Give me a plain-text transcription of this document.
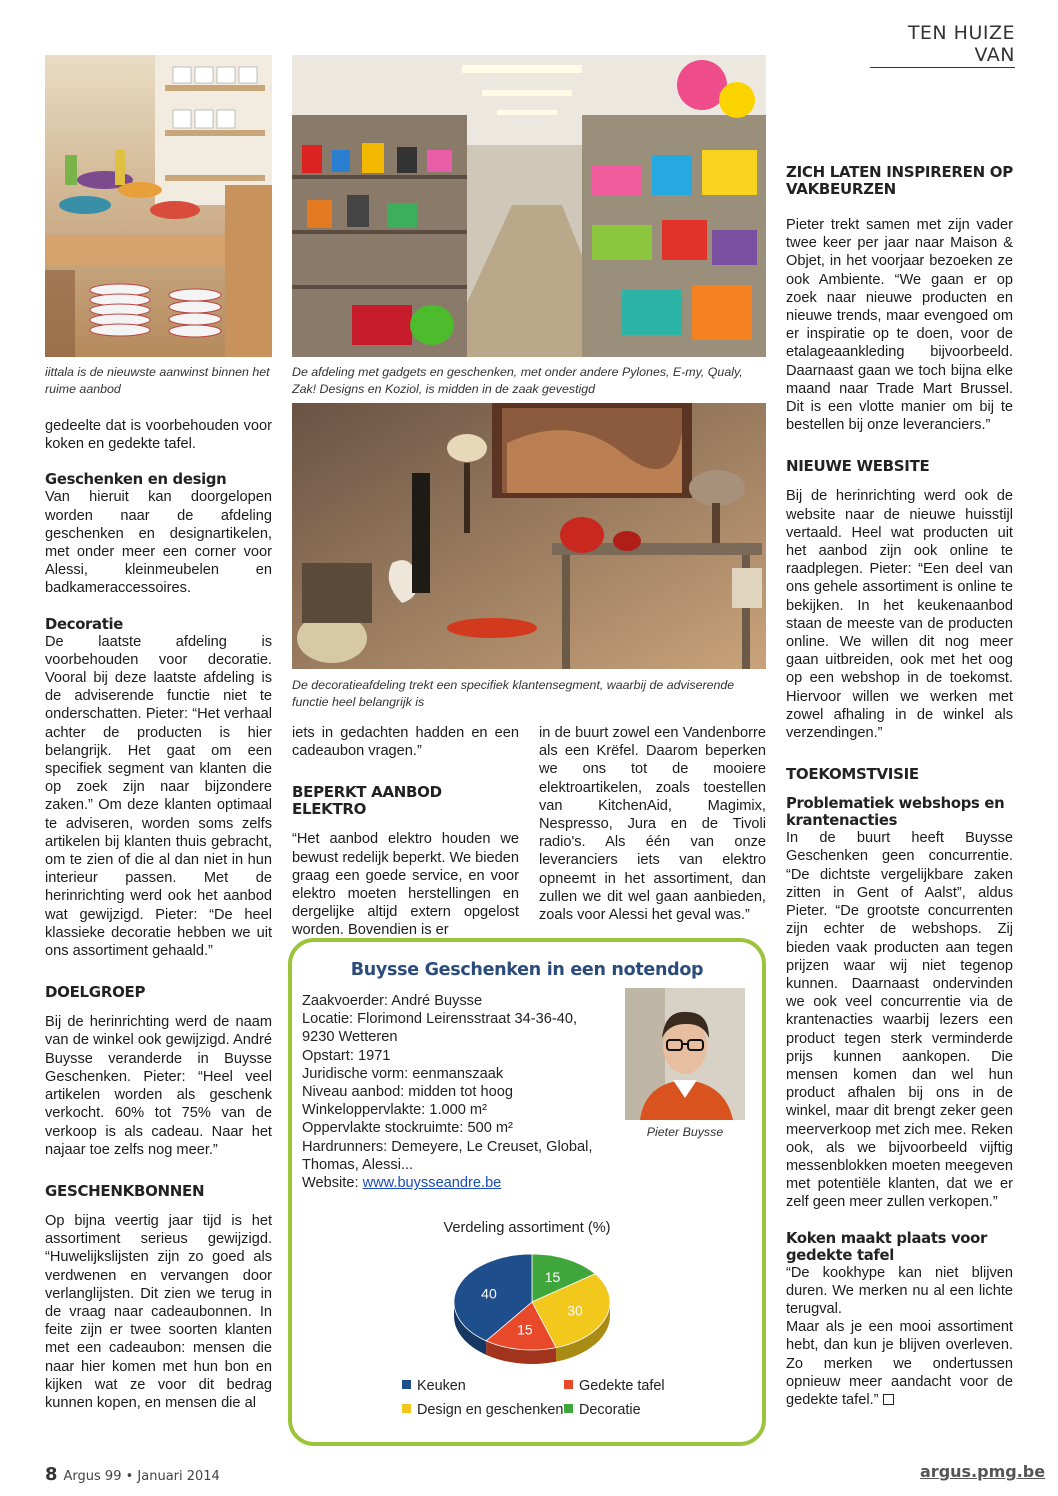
TEN HUIZE VAN
iittala is de nieuwste aanwinst binnen het ruime aanbod
De afdeling met gadgets en geschenken, met onder andere Pylones, E-my, Qualy, Zak! Designs en Koziol, is midden in de zaak gevestigd
De decoratieafdeling trekt een specifiek klantensegment, waarbij de adviserende functie heel belangrijk is

gedeelte dat is voorbehouden voor koken en gedekte tafel.

Geschenken en design

Van hieruit kan doorgelopen worden naar de afdeling geschenken en designartikelen, met onder meer een corner voor Alessi, kleinmeubelen en badkameraccessoires.

Decoratie

De laatste afdeling is voorbehouden voor decoratie. Vooral bij deze laatste afdeling is de adviserende functie niet te onderschatten. Pieter: “Het verhaal achter de producten is hier belangrijk. Het gaat om een specifiek segment van klanten die op zoek zijn naar bijzondere zaken.” Om deze klanten optimaal te adviseren, worden soms zelfs artikelen bij klanten thuis gebracht, om te zien of die al dan niet in hun interieur passen. Met de herinrichting werd ook het aanbod wat gewijzigd. Pieter: “De heel klassieke decoratie hebben we uit ons assortiment gehaald.”

DOELGROEP

Bij de herinrichting werd de naam van de winkel ook gewijzigd. André Buysse veranderde in Buysse Geschenken. Pieter: “Heel veel artikelen worden als geschenk verkocht. 60% tot 75% van de verkoop is als cadeau. Naar het najaar toe zelfs nog meer.”

GESCHENKBONNEN

Op bijna veertig jaar tijd is het assortiment serieus gewijzigd. “Huwelijkslijsten zijn zo goed als verdwenen en vervangen door verlanglijsten. Dit zien we terug in de vraag naar cadeaubonnen. In feite zijn er twee soorten klanten met een cadeaubon: mensen die naar hier komen met hun bon en kijken wat ze voor dit bedrag kunnen kopen, en mensen die al

iets in gedachten hadden en een cadeaubon vragen.”

BEPERKT AANBOD ELEKTRO

“Het aanbod elektro houden we bewust redelijk beperkt. We bieden graag een goede service, en voor elektro moeten herstellingen en dergelijke altijd extern opgelost worden. Bovendien is er

in de buurt zowel een Vandenborre als een Krëfel. Daarom beperken we ons tot de mooiere elektroartikelen, zoals toestellen van KitchenAid, Magimix, Nespresso, Jura en de Tivoli radio's. Als één van onze leveranciers iets van elektro opneemt in het assortiment, dan zullen we dit wel gaan aanbieden, zoals voor Alessi het geval was.”

ZICH LATEN INSPIREREN OP VAKBEURZEN

Pieter trekt samen met zijn vader twee keer per jaar naar Maison & Objet, in het voorjaar bezoeken ze ook Ambiente. “We gaan er op zoek naar nieuwe producten en nieuwe trends, maar evengoed om er inspiratie op te doen, voor de etalageaankleding bijvoorbeeld. Daarnaast gaan we toch bijna elke maand naar Trade Mart Brussel. Dit is een vlotte manier om bij te bestellen bij onze leveranciers.”

NIEUWE WEBSITE

Bij de herinrichting werd ook de website naar de nieuwe huisstijl vertaald. Heel wat producten uit het aanbod zijn ook online te raadplegen. Pieter: “Een deel van ons gehele assortiment is online te bekijken. In het keukenaanbod staan de meeste van de producten online. We willen dit nog meer gaan uitbreiden, ook met het oog op een webshop in de toekomst. Hiervoor willen we werken met zowel afhaling in de winkel als verzendingen.”

TOEKOMSTVISIE
Problematiek webshops en krantenacties

In de buurt heeft Buysse Geschenken geen concurrentie. “De dichtste vergelijkbare zaken zitten in Gent of Aalst”, aldus Pieter. “De grootste concurrenten zijn echter de webshops. Zij bieden vaak producten aan tegen prijzen waar wij niet tegenop kunnen. Daarnaast ondervinden we ook veel concurrentie via de krantenacties waarbij lezers een product tegen sterk verminderde prijs kunnen aankopen. Die mensen komen dan wel hun product afhalen bij ons in de winkel, maar dit brengt zeker geen meerverkoop met zich mee. Reken ook, als we bijvoorbeeld vijftig messenblokken moeten meegeven met potentiële klanten, dat we er zelf geen meer zullen verkopen.”

Koken maakt plaats voor gedekte tafel

“De kookhype kan niet blijven duren. We merken nu al een lichte terugval.

Maar als je een mooi assortiment hebt, dan kun je blijven overleven. Zo merken we ondertussen opnieuw meer aandacht voor de gedekte tafel.”

Buysse Geschenken in een notendop
Zaakvoerder: André Buysse
Locatie: Florimond Leirensstraat 34-36-40,
9230 Wetteren
Opstart: 1971
Juridische vorm: eenmanszaak
Niveau aanbod: midden tot hoog
Winkeloppervlakte: 1.000 m²
Oppervlakte stockruimte: 500 m²
Hardrunners: Demeyere, Le Creuset, Global,
Thomas, Alessi...
Website: www.buysseandre.be
Pieter Buysse
Verdeling assortiment (%)
15
30
15
40
Keuken	Gedekte tafel
Design en geschenken	Decoratie
8 Argus 99 • Januari 2014	argus.pmg.be
